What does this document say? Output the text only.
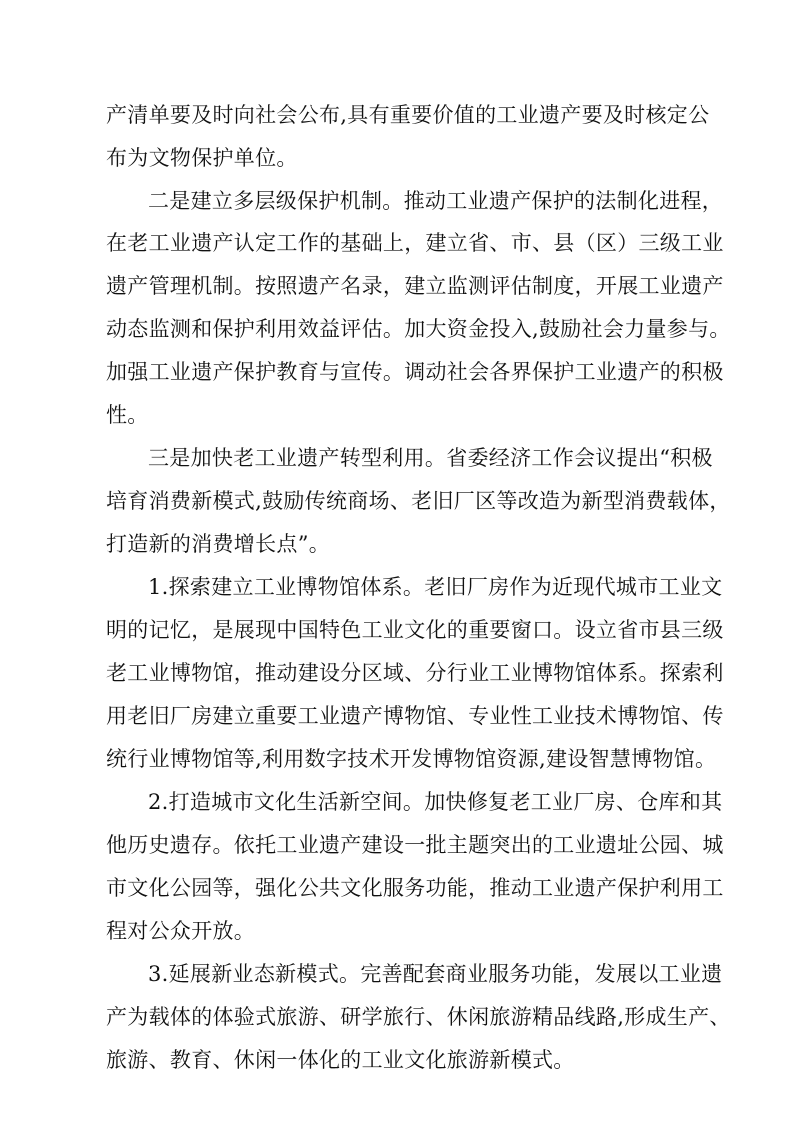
产清单要及时向社会公布,具有重要价值的工业遗产要及时核定公
布为文物保护单位。
二是建立多层级保护机制。推动工业遗产保护的法制化进程，
在老工业遗产认定工作的基础上，建立省、市、县（区）三级工业
遗产管理机制。按照遗产名录，建立监测评估制度，开展工业遗产
动态监测和保护利用效益评估。加大资金投入,鼓励社会力量参与。
加强工业遗产保护教育与宣传。调动社会各界保护工业遗产的积极
性。
三是加快老工业遗产转型利用。省委经济工作会议提出“积极
培育消费新模式,鼓励传统商场、老旧厂区等改造为新型消费载体，
打造新的消费增长点”。
1.探索建立工业博物馆体系。老旧厂房作为近现代城市工业文
明的记忆，是展现中国特色工业文化的重要窗口。设立省市县三级
老工业博物馆，推动建设分区域、分行业工业博物馆体系。探索利
用老旧厂房建立重要工业遗产博物馆、专业性工业技术博物馆、传
统行业博物馆等,利用数字技术开发博物馆资源,建设智慧博物馆。
2.打造城市文化生活新空间。加快修复老工业厂房、仓库和其
他历史遗存。依托工业遗产建设一批主题突出的工业遗址公园、城
市文化公园等，强化公共文化服务功能，推动工业遗产保护利用工
程对公众开放。
3.延展新业态新模式。完善配套商业服务功能，发展以工业遗
产为载体的体验式旅游、研学旅行、休闲旅游精品线路,形成生产、
旅游、教育、休闲一体化的工业文化旅游新模式。
